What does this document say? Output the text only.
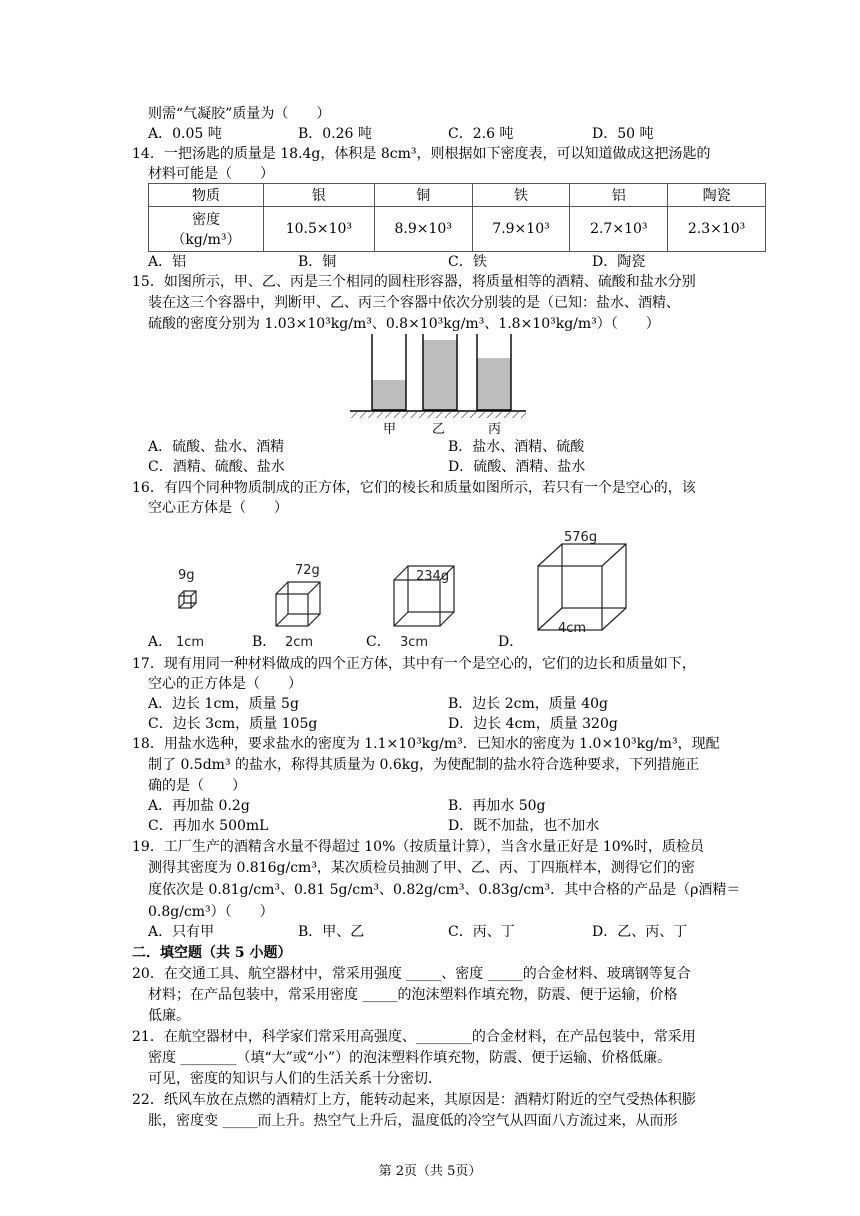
则需“气凝胶”质量为（　　）
A．0.05 吨	B．0.26 吨	C．2.6 吨	D．50 吨
14．一把汤匙的质量是 18.4g，体积是 8cm³，则根据如下密度表，可以知道做成这把汤匙的
材料可能是（　　）
物质	银	铜	铁	铝	陶瓷

密度
（kg/m³）	10.5×10³	8.9×10³	7.9×10³	2.7×10³	2.3×10³
A．铝	B．铜	C．铁	D．陶瓷
15．如图所示，甲、乙、丙是三个相同的圆柱形容器，将质量相等的酒精、硫酸和盐水分别
装在这三个容器中，判断甲、乙、丙三个容器中依次分别装的是（已知：盐水、酒精、
硫酸的密度分别为 1.03×10³kg/m³、0.8×10³kg/m³、1.8×10³kg/m³）（　　）
甲	乙	丙
A．硫酸、盐水、酒精	B．盐水、酒精、硫酸
C．酒精、硫酸、盐水	D．硫酸、酒精、盐水
16．有四个同种物质制成的正方体，它们的棱长和质量如图所示，若只有一个是空心的，该
空心正方体是（　　）
9g
A． 1cm
72g
B． 2cm
234g
C． 3cm
576g
D．
4cm
17．现有用同一种材料做成的四个正方体，其中有一个是空心的，它们的边长和质量如下，
空心的正方体是（　　）
A．边长 1cm，质量 5g	B．边长 2cm，质量 40g
C．边长 3cm，质量 105g	D．边长 4cm，质量 320g
18．用盐水选种，要求盐水的密度为 1.1×10³kg/m³．已知水的密度为 1.0×10³kg/m³，现配
制了 0.5dm³ 的盐水，称得其质量为 0.6kg，为使配制的盐水符合选种要求，下列措施正
确的是（　　）
A．再加盐 0.2g	B．再加水 50g
C．再加水 500mL	D．既不加盐，也不加水
19．工厂生产的酒精含水量不得超过 10%（按质量计算），当含水量正好是 10%时，质检员
测得其密度为 0.816g/cm³，某次质检员抽测了甲、乙、丙、丁四瓶样本，测得它们的密
度依次是 0.81g/cm³、0.81 5g/cm³、0.82g/cm³、0.83g/cm³．其中合格的产品是（ρ酒精＝
0.8g/cm³）（　　）
A．只有甲	B．甲、乙	C．丙、丁	D．乙、丙、丁
二．填空题（共 5 小题）
20．在交通工具、航空器材中，常采用强度 _____、密度 _____的合金材料、玻璃钢等复合
材料；在产品包装中，常采用密度 _____的泡沫塑料作填充物，防震、便于运输，价格
低廉。
21．在航空器材中，科学家们常采用高强度、________的合金材料，在产品包装中，常采用
密度 ________（填“大”或“小”）的泡沫塑料作填充物，防震、便于运输、价格低廉。
可见，密度的知识与人们的生活关系十分密切．
22．纸风车放在点燃的酒精灯上方，能转动起来，其原因是：酒精灯附近的空气受热体积膨
胀，密度变 _____而上升。热空气上升后，温度低的冷空气从四面八方流过来，从而形
第 2页（共 5页）
